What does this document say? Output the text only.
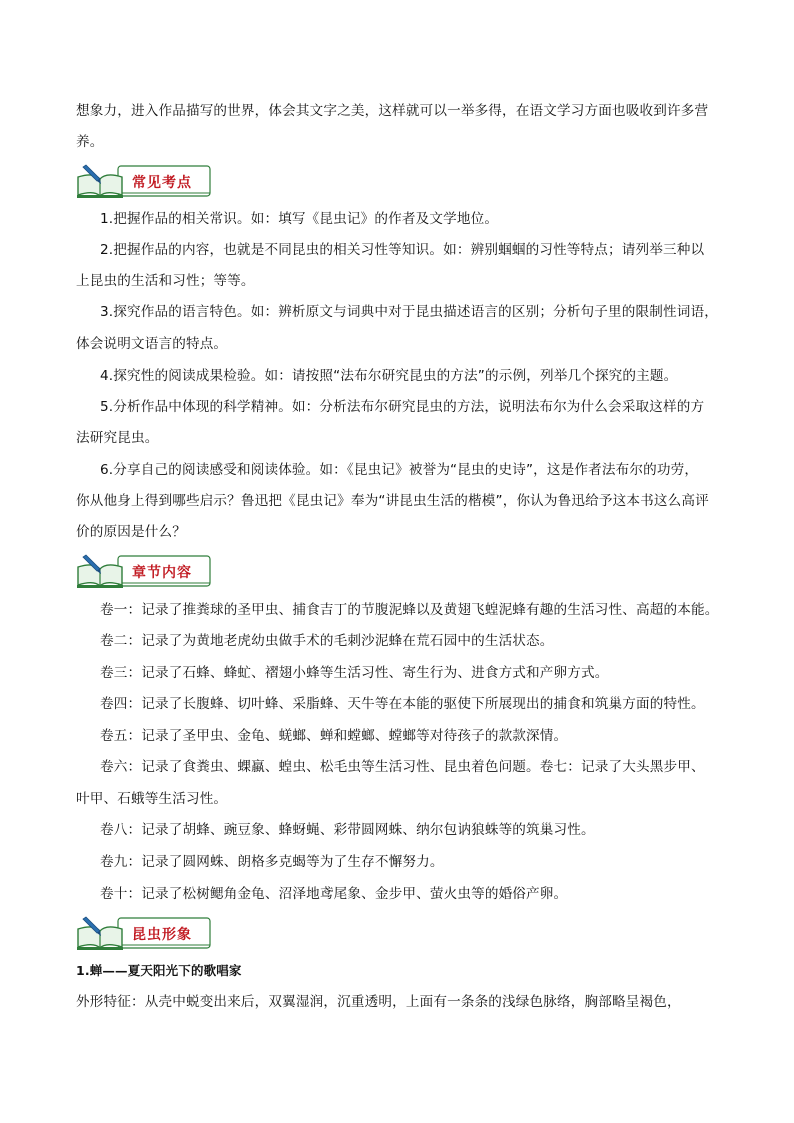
想象力，进入作品描写的世界，体会其文字之美，这样就可以一举多得，在语文学习方面也吸收到许多营
养。
常见考点
1.把握作品的相关常识。如：填写《昆虫记》的作者及文学地位。
2.把握作品的内容，也就是不同昆虫的相关习性等知识。如：辨别蝈蝈的习性等特点；请列举三种以
上昆虫的生活和习性；等等。
3.探究作品的语言特色。如：辨析原文与词典中对于昆虫描述语言的区别；分析句子里的限制性词语，
体会说明文语言的特点。
4.探究性的阅读成果检验。如：请按照“法布尔研究昆虫的方法”的示例，列举几个探究的主题。
5.分析作品中体现的科学精神。如：分析法布尔研究昆虫的方法，说明法布尔为什么会采取这样的方
法研究昆虫。
6.分享自己的阅读感受和阅读体验。如：《昆虫记》被誉为“昆虫的史诗”，这是作者法布尔的功劳，
你从他身上得到哪些启示？鲁迅把《昆虫记》奉为“讲昆虫生活的楷模”，你认为鲁迅给予这本书这么高评
价的原因是什么？
章节内容
卷一：记录了推粪球的圣甲虫、捕食吉丁的节腹泥蜂以及黄翅飞蝗泥蜂有趣的生活习性、高超的本能。
卷二：记录了为黄地老虎幼虫做手术的毛刺沙泥蜂在荒石园中的生活状态。
卷三：记录了石蜂、蜂虻、褶翅小蜂等生活习性、寄生行为、进食方式和产卵方式。
卷四：记录了长腹蜂、切叶蜂、采脂蜂、天牛等在本能的驱使下所展现出的捕食和筑巢方面的特性。
卷五：记录了圣甲虫、金龟、蜣螂、蝉和螳螂、螳螂等对待孩子的款款深情。
卷六：记录了食粪虫、蜾蠃、蝗虫、松毛虫等生活习性、昆虫着色问题。卷七：记录了大头黑步甲、
叶甲、石蛾等生活习性。
卷八：记录了胡蜂、豌豆象、蜂蚜蝇、彩带圆网蛛、纳尔包讷狼蛛等的筑巢习性。
卷九：记录了圆网蛛、朗格多克蝎等为了生存不懈努力。
卷十：记录了松树鳃角金龟、沼泽地鸢尾象、金步甲、萤火虫等的婚俗产卵。
昆虫形象
1.蝉——夏天阳光下的歌唱家
外形特征：从壳中蜕变出来后，双翼湿润，沉重透明，上面有一条条的浅绿色脉络，胸部略呈褐色，
